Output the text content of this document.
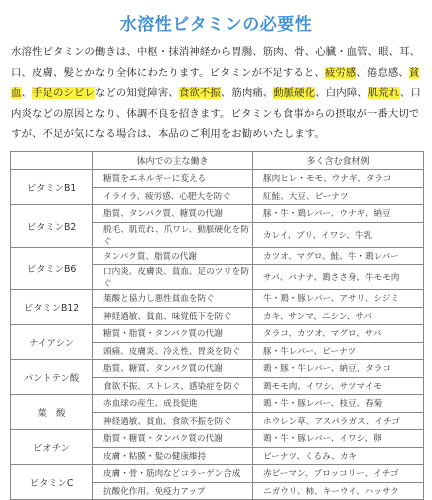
水溶性ビタミンの必要性

水溶性ビタミンの働きは、中枢・抹消神経から胃腸、筋肉、骨、心臓・血管、眼、耳、口、皮膚、髪とかなり全体にわたります。ビタミンが不足すると、疲労感、倦怠感、貧血、手足のシビレなどの知覚障害、食欲不振、筋肉痛、動脈硬化、白内障、肌荒れ、口内炎などの原因となり、体調不良を招きます。ビタミンも食事からの摂取が一番大切ですが、不足が気になる場合は、本品のご利用をお勧めいたします。

	体内での主な働き	多く含む食材例
ビタミンB1	糖質をエネルギーに変える	豚肉ヒレ・モモ、ウナギ、タラコ
	イライラ、疲労感、心肥大を防ぐ	紅鮭、大豆、ピーナツ
ビタミンB2	脂質、タンパク質、糖質の代謝	豚・牛・鶏レバー、ウナギ、納豆
	脱毛、肌荒れ、爪ワレ、動脈硬化を防ぐ	カレイ、ブリ、イワシ、牛乳
ビタミンB6	タンパク質、脂質の代謝	カツオ、マグロ、鮭、牛・鶏レバー
	口内炎、皮膚炎、貧血、足のツリを防ぐ	サバ、バナナ、鶏ささ身、牛モモ肉
ビタミンB12	葉酸と協力し悪性貧血を防ぐ	牛・鶏・豚レバー、アサリ、シジミ
	神経過敏、貧血、味覚低下を防ぐ	カキ、サンマ、ニシン、サバ
ナイアシン	糖質・脂質・タンパク質の代謝	タラコ、カツオ、マグロ、サバ
	頭痛、皮膚炎、冷え性、胃炎を防ぐ	豚・牛レバー、ピーナツ
パントテン酸	脂質、糖質、タンパク質の代謝	鶏・豚・牛レバー、納豆、タラコ
	食欲不振、ストレス、感染症を防ぐ	鶏モモ肉、イワシ、サツマイモ
葉　酸	赤血球の産生、成長促進	鶏・牛・豚レバー、枝豆、春菊
	神経過敏、貧血、食欲不振を防ぐ	ホウレン草、アスパラガス、イチゴ
ビオチン	脂質・糖質・タンパク質の代謝	鶏・牛・豚レバー、イワシ、卵
	皮膚・粘膜・髪の健康維持	ピーナツ、くるみ、カキ
ビタミンC	皮膚・骨・筋肉などコラーゲン合成	赤ピーマン、ブロッコリー、イチゴ
	抗酸化作用、免疫力アップ	ニガウリ、柿、キーウイ、ハッサク
